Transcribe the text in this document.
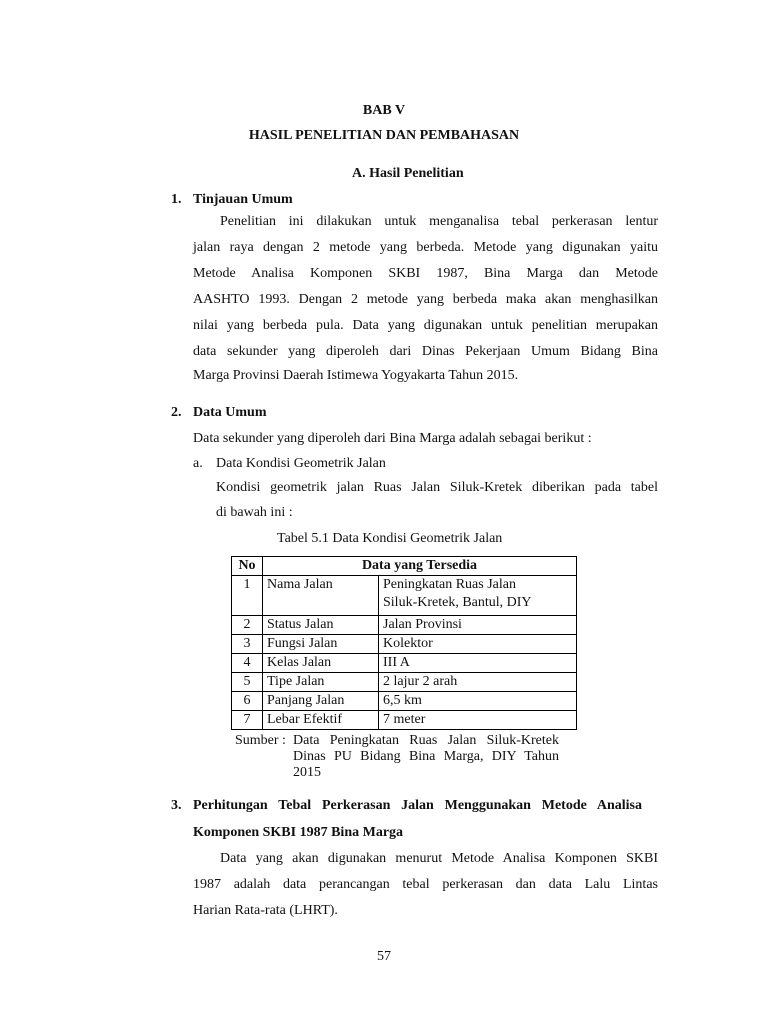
BAB V
HASIL PENELITIAN DAN PEMBAHASAN
A. Hasil Penelitian
1. Tinjauan Umum
Penelitian ini dilakukan untuk menganalisa tebal perkerasan lentur
jalan raya dengan 2 metode yang berbeda. Metode yang digunakan yaitu
Metode Analisa Komponen SKBI 1987, Bina Marga dan Metode
AASHTO 1993. Dengan 2 metode yang berbeda maka akan menghasilkan
nilai yang berbeda pula. Data yang digunakan untuk penelitian merupakan
data sekunder yang diperoleh dari Dinas Pekerjaan Umum Bidang Bina
Marga Provinsi Daerah Istimewa Yogyakarta Tahun 2015.
2. Data Umum
Data sekunder yang diperoleh dari Bina Marga adalah sebagai berikut :
a. Data Kondisi Geometrik Jalan
Kondisi geometrik jalan Ruas Jalan Siluk-Kretek diberikan pada tabel
di bawah ini :
Tabel 5.1 Data Kondisi Geometrik Jalan
No	Data yang Tersedia	
1	Nama Jalan	Peningkatan Ruas Jalan
Siluk-Kretek, Bantul, DIY

2	Status Jalan	Jalan Provinsi
3	Fungsi Jalan	Kolektor
4	Kelas Jalan	III A
5	Tipe Jalan	2 lajur 2 arah
6	Panjang Jalan	6,5 km
7	Lebar Efektif	7 meter
Sumber : Data Peningkatan Ruas Jalan Siluk-Kretek Dinas PU Bidang Bina Marga, DIY Tahun 2015
3. Perhitungan Tebal Perkerasan Jalan Menggunakan Metode Analisa
Komponen SKBI 1987 Bina Marga
Data yang akan digunakan menurut Metode Analisa Komponen SKBI
1987 adalah data perancangan tebal perkerasan dan data Lalu Lintas
Harian Rata-rata (LHRT).
57
